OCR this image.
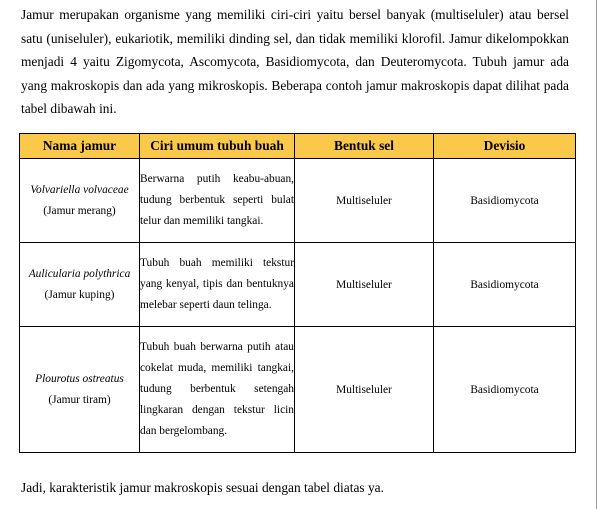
Jamur merupakan organisme yang memiliki ciri-ciri yaitu bersel banyak (multiseluler) atau bersel satu (uniseluler), eukariotik, memiliki dinding sel, dan tidak memiliki klorofil. Jamur dikelompokkan menjadi 4 yaitu Zigomycota, Ascomycota, Basidiomycota, dan Deuteromycota. Tubuh jamur ada yang makroskopis dan ada yang mikroskopis. Beberapa contoh jamur makroskopis dapat dilihat pada tabel dibawah ini.

Nama jamur	Ciri umum tubuh buah	Bentuk sel	Devisio

Volvariella volvaceae
(Jamur merang)	Berwarna putih keabu-abuan, tudung berbentuk seperti bulat telur dan memiliki tangkai.	Multiseluler	Basidiomycota

Aulicularia polythrica
(Jamur kuping)	Tubuh buah memiliki tekstur yang kenyal, tipis dan bentuknya melebar seperti daun telinga.	Multiseluler	Basidiomycota

Plourotus ostreatus
(Jamur tiram)	Tubuh buah berwarna putih atau cokelat muda, memiliki tangkai, tudung berbentuk setengah lingkaran dengan tekstur licin dan bergelombang.	Multiseluler	Basidiomycota

Jadi, karakteristik jamur makroskopis sesuai dengan tabel diatas ya.
